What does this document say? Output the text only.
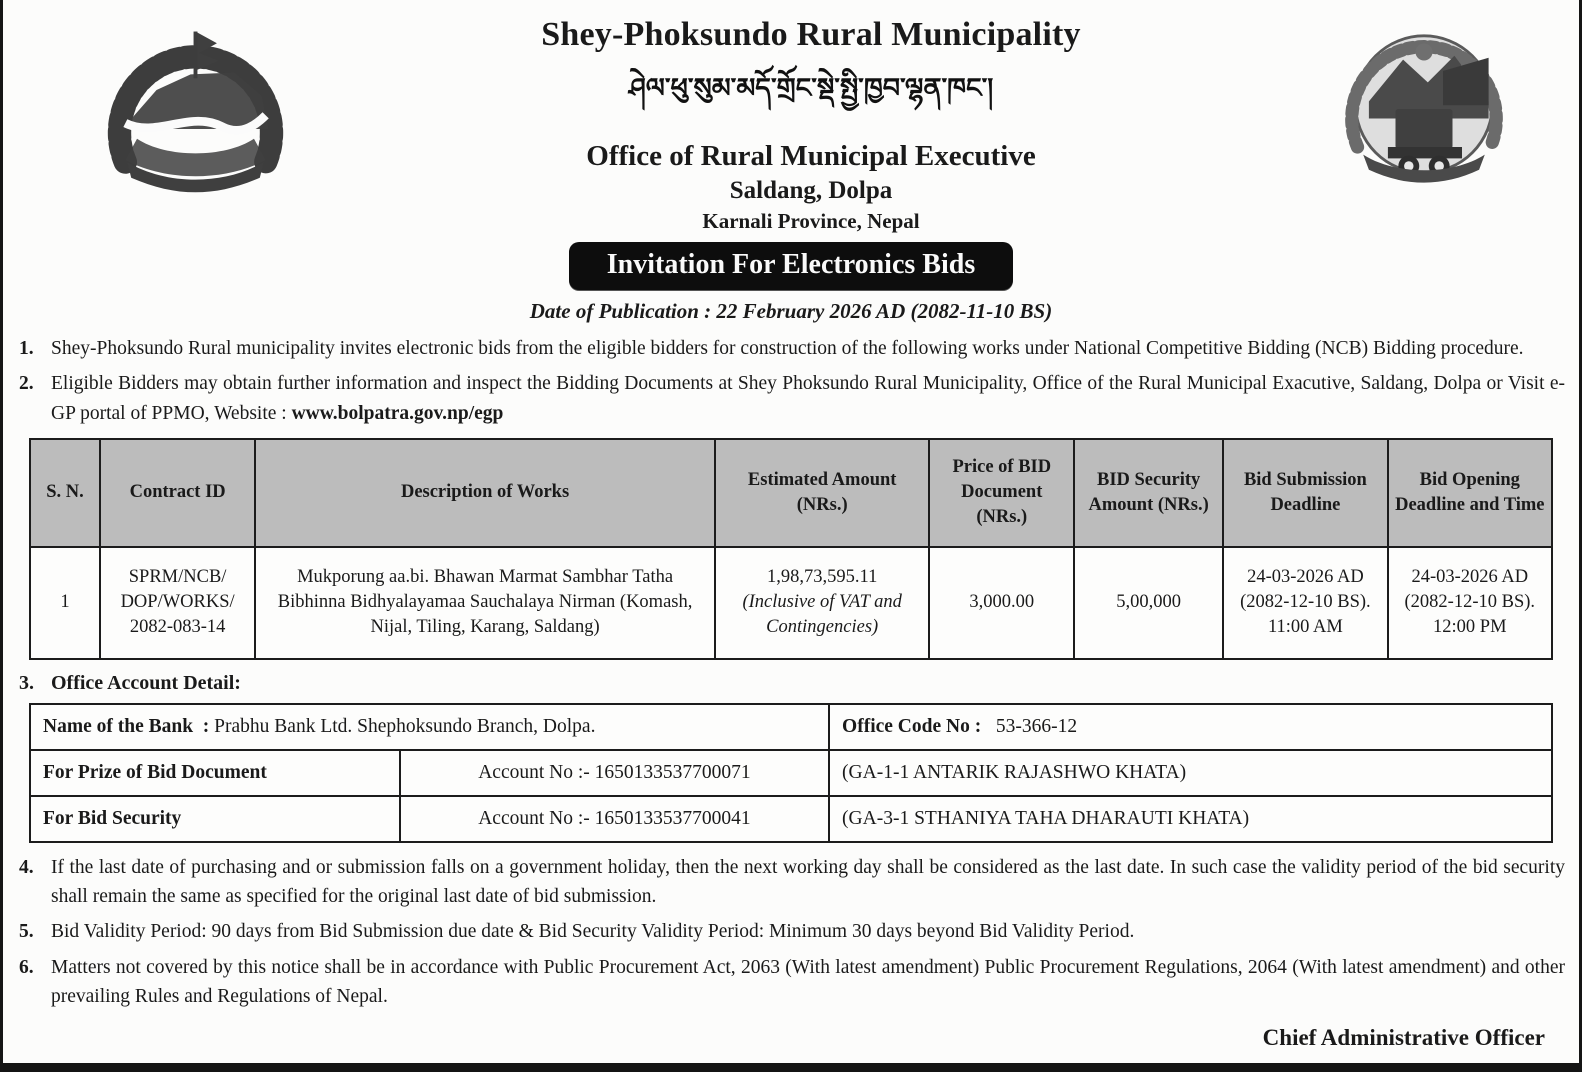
Shey-Phoksundo Rural Municipality
ཤེལ་ཕུ་སུམ་མདོ་གྲོང་སྡེ་སྤྱི་ཁྱབ་ལྷན་ཁང་།
Office of Rural Municipal Executive
Saldang, Dolpa
Karnali Province, Nepal
Invitation For Electronics Bids
Date of Publication : 22 February 2026 AD (2082-11-10 BS)
1. Shey-Phoksundo Rural municipality invites electronic bids from the eligible bidders for construction of the following works under National Competitive Bidding (NCB) Bidding procedure.
2. Eligible Bidders may obtain further information and inspect the Bidding Documents at Shey Phoksundo Rural Municipality, Office of the Rural Municipal Exacutive, Saldang, Dolpa or Visit e-GP portal of PPMO, Website : www.bolpatra.gov.np/egp
S. N.	Contract ID	Description of Works	Estimated Amount (NRs.)	Price of BID Document (NRs.)	BID Security Amount (NRs.)	Bid Submission Deadline	Bid Opening Deadline and Time
1	SPRM/NCB/ DOP/WORKS/ 2082-083-14	Mukporung aa.bi. Bhawan Marmat Sambhar Tatha Bibhinna Bidhyalayamaa Sauchalaya Nirman (Komash, Nijal, Tiling, Karang, Saldang)	1,98,73,595.11
(Inclusive of VAT and Contingencies)	3,000.00	5,00,000	24-03-2026 AD (2082-12-10 BS). 11:00 AM	24-03-2026 AD (2082-12-10 BS). 12:00 PM
3. Office Account Detail:
Name of the Bank : Prabhu Bank Ltd. Shephoksundo Branch, Dolpa.		Office Code No : 53-366-12
For Prize of Bid Document	Account No :- 1650133537700071	(GA-1-1 ANTARIK RAJASHWO KHATA)
For Bid Security	Account No :- 1650133537700041	(GA-3-1 STHANIYA TAHA DHARAUTI KHATA)
4. If the last date of purchasing and or submission falls on a government holiday, then the next working day shall be considered as the last date. In such case the validity period of the bid security shall remain the same as specified for the original last date of bid submission.
5. Bid Validity Period: 90 days from Bid Submission due date & Bid Security Validity Period: Minimum 30 days beyond Bid Validity Period.
6. Matters not covered by this notice shall be in accordance with Public Procurement Act, 2063 (With latest amendment) Public Procurement Regulations, 2064 (With latest amendment) and other prevailing Rules and Regulations of Nepal.
Chief Administrative Officer
